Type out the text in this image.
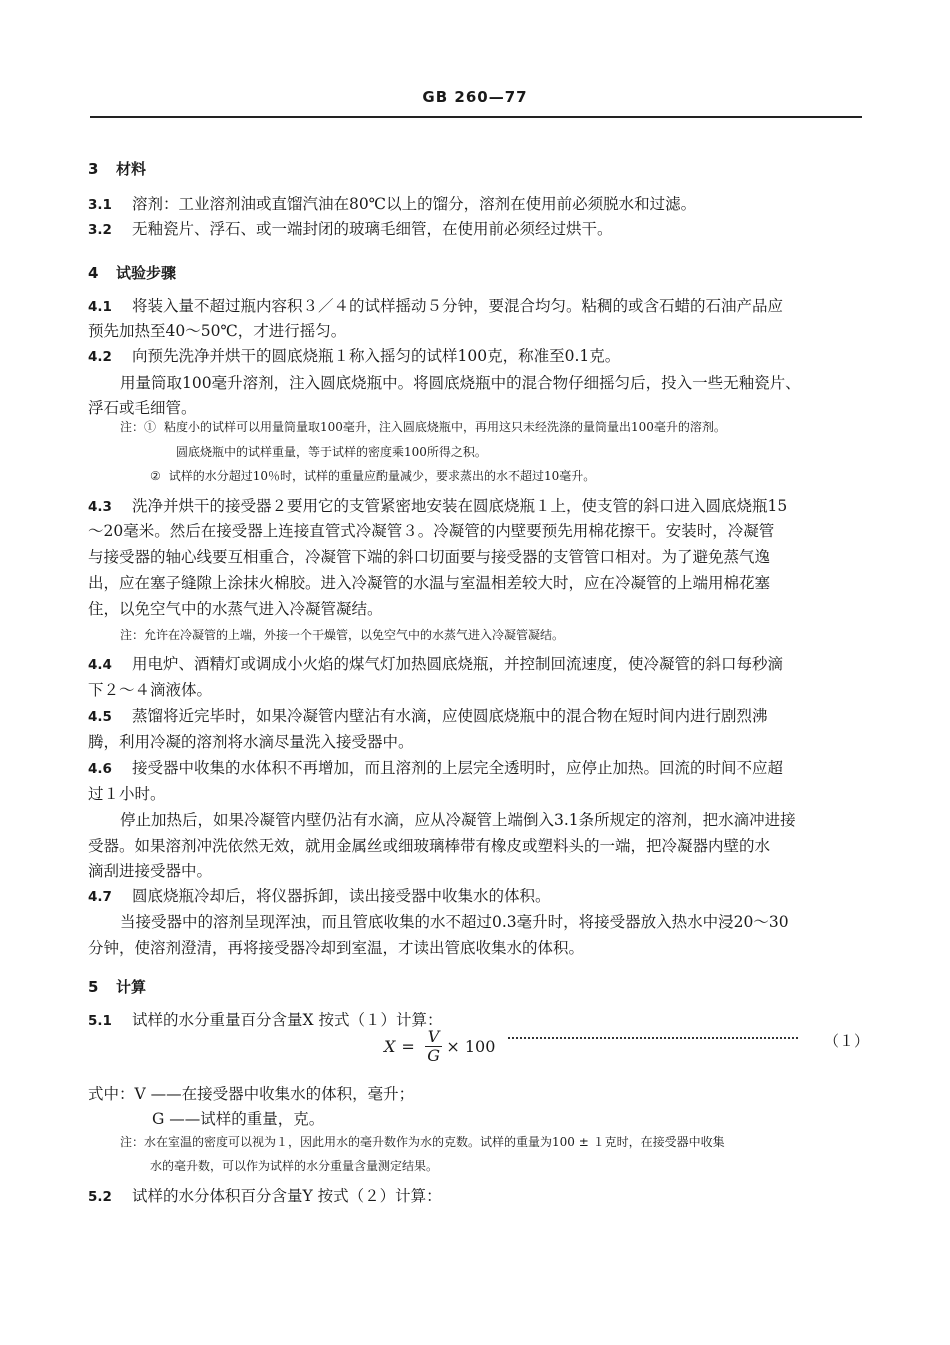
GB 260—77
3 材料
3.1 溶剂：工业溶剂油或直馏汽油在80℃以上的馏分，溶剂在使用前必须脱水和过滤。
3.2 无釉瓷片、浮石、或一端封闭的玻璃毛细管，在使用前必须经过烘干。
4 试验步骤
4.1 将装入量不超过瓶内容积３／４的试样摇动５分钟，要混合均匀。粘稠的或含石蜡的石油产品应
预先加热至40～50℃，才进行摇匀。
4.2 向预先洗净并烘干的圆底烧瓶１称入摇匀的试样100克，称准至0.1克。
用量筒取100毫升溶剂，注入圆底烧瓶中。将圆底烧瓶中的混合物仔细摇匀后，投入一些无釉瓷片、
浮石或毛细管。
注：① 粘度小的试样可以用量筒量取100毫升，注入圆底烧瓶中，再用这只未经洗涤的量筒量出100毫升的溶剂。
圆底烧瓶中的试样重量，等于试样的密度乘100所得之积。
② 试样的水分超过10％时，试样的重量应酌量减少，要求蒸出的水不超过10毫升。
4.3 洗净并烘干的接受器２要用它的支管紧密地安装在圆底烧瓶１上，使支管的斜口进入圆底烧瓶15
～20毫米。然后在接受器上连接直管式冷凝管３。冷凝管的内壁要预先用棉花擦干。安装时，冷凝管
与接受器的轴心线要互相重合，冷凝管下端的斜口切面要与接受器的支管管口相对。为了避免蒸气逸
出，应在塞子缝隙上涂抹火棉胶。进入冷凝管的水温与室温相差较大时，应在冷凝管的上端用棉花塞
住，以免空气中的水蒸气进入冷凝管凝结。
注：允许在冷凝管的上端，外接一个干燥管，以免空气中的水蒸气进入冷凝管凝结。
4.4 用电炉、酒精灯或调成小火焰的煤气灯加热圆底烧瓶，并控制回流速度，使冷凝管的斜口每秒滴
下２～４滴液体。
4.5 蒸馏将近完毕时，如果冷凝管内壁沾有水滴，应使圆底烧瓶中的混合物在短时间内进行剧烈沸
腾，利用冷凝的溶剂将水滴尽量洗入接受器中。
4.6 接受器中收集的水体积不再增加，而且溶剂的上层完全透明时，应停止加热。回流的时间不应超
过１小时。
停止加热后，如果冷凝管内壁仍沾有水滴，应从冷凝管上端倒入3.1条所规定的溶剂，把水滴冲进接
受器。如果溶剂冲洗依然无效，就用金属丝或细玻璃棒带有橡皮或塑料头的一端，把冷凝器内壁的水
滴刮进接受器中。
4.7 圆底烧瓶冷却后，将仪器拆卸，读出接受器中收集水的体积。
当接受器中的溶剂呈现浑浊，而且管底收集的水不超过0.3毫升时，将接受器放入热水中浸20～30
分钟，使溶剂澄清，再将接受器冷却到室温，才读出管底收集水的体积。
5 计算
5.1 试样的水分重量百分含量X 按式（１）计算：
$X = \frac{V}{G} \times 100$	（１）
式中：V ——在接受器中收集水的体积，毫升；
G ——试样的重量，克。
注：水在室温的密度可以视为１，因此用水的毫升数作为水的克数。试样的重量为100 ± １克时，在接受器中收集
水的毫升数，可以作为试样的水分重量含量测定结果。
5.2 试样的水分体积百分含量Y 按式（２）计算：
